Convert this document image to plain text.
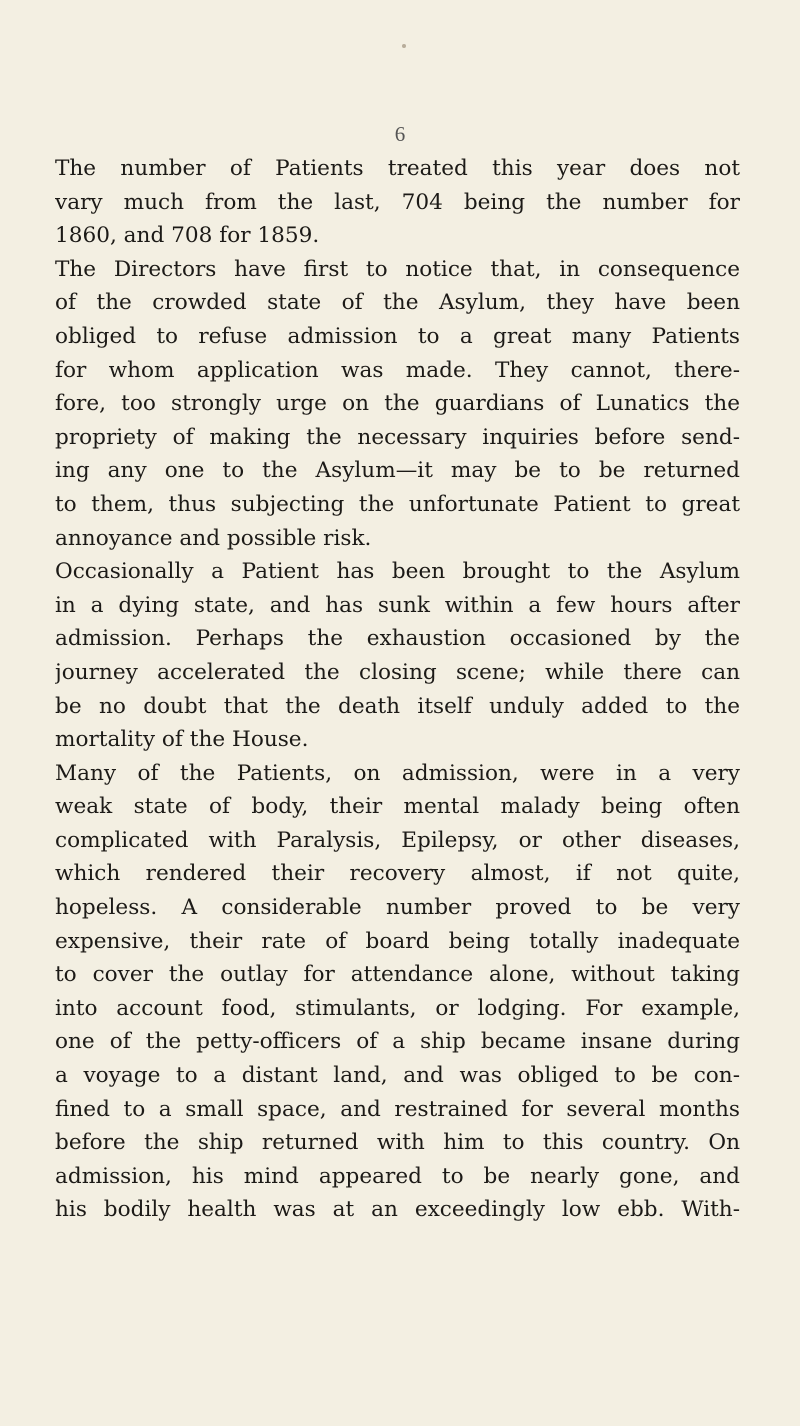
6
The number of Patients treated this year does not
vary much from the last, 704 being the number for
1860, and 708 for 1859.
The Directors have first to notice that, in consequence
of the crowded state of the Asylum, they have been
obliged to refuse admission to a great many Patients
for whom application was made. They cannot, there-
fore, too strongly urge on the guardians of Lunatics the
propriety of making the necessary inquiries before send-
ing any one to the Asylum—it may be to be returned
to them, thus subjecting the unfortunate Patient to great
annoyance and possible risk.
Occasionally a Patient has been brought to the Asylum
in a dying state, and has sunk within a few hours after
admission. Perhaps the exhaustion occasioned by the
journey accelerated the closing scene; while there can
be no doubt that the death itself unduly added to the
mortality of the House.
Many of the Patients, on admission, were in a very
weak state of body, their mental malady being often
complicated with Paralysis, Epilepsy, or other diseases,
which rendered their recovery almost, if not quite,
hopeless. A considerable number proved to be very
expensive, their rate of board being totally inadequate
to cover the outlay for attendance alone, without taking
into account food, stimulants, or lodging. For example,
one of the petty-officers of a ship became insane during
a voyage to a distant land, and was obliged to be con-
fined to a small space, and restrained for several months
before the ship returned with him to this country. On
admission, his mind appeared to be nearly gone, and
his bodily health was at an exceedingly low ebb. With-
